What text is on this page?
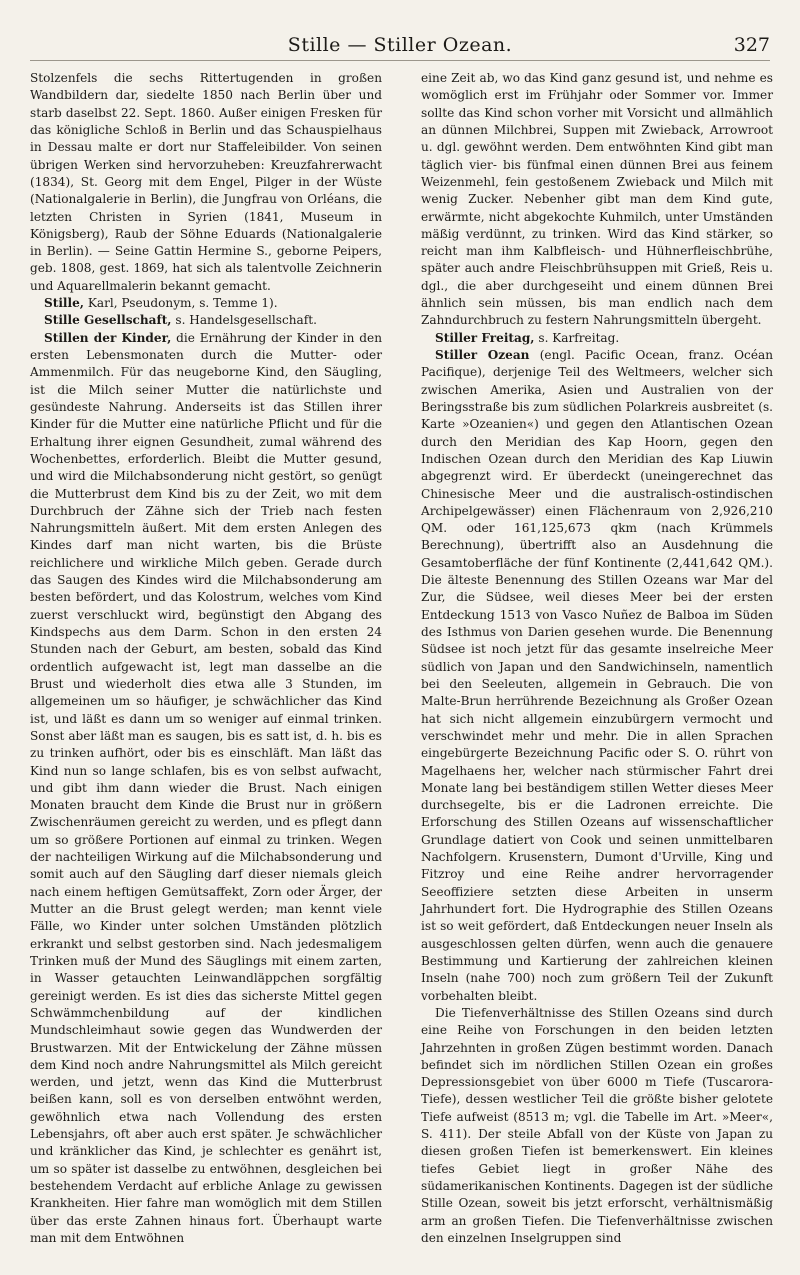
Stille — Stiller Ozean.	327

Stolzenfels die sechs Rittertugenden in großen Wandbildern dar, siedelte 1850 nach Berlin über und starb daselbst 22. Sept. 1860. Außer einigen Fresken für das königliche Schloß in Berlin und das Schauspielhaus in Dessau malte er dort nur Staffeleibilder. Von seinen übrigen Werken sind hervorzuheben: Kreuzfahrerwacht (1834), St. Georg mit dem Engel, Pilger in der Wüste (Nationalgalerie in Berlin), die Jungfrau von Orléans, die letzten Christen in Syrien (1841, Museum in Königsberg), Raub der Söhne Eduards (Nationalgalerie in Berlin). — Seine Gattin Hermine S., geborne Peipers, geb. 1808, gest. 1869, hat sich als talentvolle Zeichnerin und Aquarellmalerin bekannt gemacht.

Stille, Karl, Pseudonym, s. Temme 1).

Stille Gesellschaft, s. Handelsgesellschaft.

Stillen der Kinder, die Ernährung der Kinder in den ersten Lebensmonaten durch die Mutter- oder Ammenmilch. Für das neugeborne Kind, den Säugling, ist die Milch seiner Mutter die natürlichste und gesündeste Nahrung. Anderseits ist das Stillen ihrer Kinder für die Mutter eine natürliche Pflicht und für die Erhaltung ihrer eignen Gesundheit, zumal während des Wochenbettes, erforderlich. Bleibt die Mutter gesund, und wird die Milchabsonderung nicht gestört, so genügt die Mutterbrust dem Kind bis zu der Zeit, wo mit dem Durchbruch der Zähne sich der Trieb nach festen Nahrungsmitteln äußert. Mit dem ersten Anlegen des Kindes darf man nicht warten, bis die Brüste reichlichere und wirkliche Milch geben. Gerade durch das Saugen des Kindes wird die Milchabsonderung am besten befördert, und das Kolostrum, welches vom Kind zuerst verschluckt wird, begünstigt den Abgang des Kindspechs aus dem Darm. Schon in den ersten 24 Stunden nach der Geburt, am besten, sobald das Kind ordentlich aufgewacht ist, legt man dasselbe an die Brust und wiederholt dies etwa alle 3 Stunden, im allgemeinen um so häufiger, je schwächlicher das Kind ist, und läßt es dann um so weniger auf einmal trinken. Sonst aber läßt man es saugen, bis es satt ist, d. h. bis es zu trinken aufhört, oder bis es einschläft. Man läßt das Kind nun so lange schlafen, bis es von selbst aufwacht, und gibt ihm dann wieder die Brust. Nach einigen Monaten braucht dem Kinde die Brust nur in größern Zwischenräumen gereicht zu werden, und es pflegt dann um so größere Portionen auf einmal zu trinken. Wegen der nachteiligen Wirkung auf die Milchabsonderung und somit auch auf den Säugling darf dieser niemals gleich nach einem heftigen Gemütsaffekt, Zorn oder Ärger, der Mutter an die Brust gelegt werden; man kennt viele Fälle, wo Kinder unter solchen Umständen plötzlich erkrankt und selbst gestorben sind. Nach jedesmaligem Trinken muß der Mund des Säuglings mit einem zarten, in Wasser getauchten Leinwandläppchen sorgfältig gereinigt werden. Es ist dies das sicherste Mittel gegen Schwämmchenbildung auf der kindlichen Mundschleimhaut sowie gegen das Wundwerden der Brustwarzen. Mit der Entwickelung der Zähne müssen dem Kind noch andre Nahrungsmittel als Milch gereicht werden, und jetzt, wenn das Kind die Mutterbrust beißen kann, soll es von derselben entwöhnt werden, gewöhnlich etwa nach Vollendung des ersten Lebensjahrs, oft aber auch erst später. Je schwächlicher und kränklicher das Kind, je schlechter es genährt ist, um so später ist dasselbe zu entwöhnen, desgleichen bei bestehendem Verdacht auf erbliche Anlage zu gewissen Krankheiten. Hier fahre man womöglich mit dem Stillen über das erste Zahnen hinaus fort. Überhaupt warte man mit dem Entwöhnen

eine Zeit ab, wo das Kind ganz gesund ist, und nehme es womöglich erst im Frühjahr oder Sommer vor. Immer sollte das Kind schon vorher mit Vorsicht und allmählich an dünnen Milchbrei, Suppen mit Zwieback, Arrowroot u. dgl. gewöhnt werden. Dem entwöhnten Kind gibt man täglich vier- bis fünfmal einen dünnen Brei aus feinem Weizenmehl, fein gestoßenem Zwieback und Milch mit wenig Zucker. Nebenher gibt man dem Kind gute, erwärmte, nicht abgekochte Kuhmilch, unter Umständen mäßig verdünnt, zu trinken. Wird das Kind stärker, so reicht man ihm Kalbfleisch- und Hühnerfleischbrühe, später auch andre Fleischbrühsuppen mit Grieß, Reis u. dgl., die aber durchgeseiht und einem dünnen Brei ähnlich sein müssen, bis man endlich nach dem Zahndurchbruch zu festern Nahrungsmitteln übergeht.

Stiller Freitag, s. Karfreitag.

Stiller Ozean (engl. Pacific Ocean, franz. Océan Pacifique), derjenige Teil des Weltmeers, welcher sich zwischen Amerika, Asien und Australien von der Beringsstraße bis zum südlichen Polarkreis ausbreitet (s. Karte »Ozeanien«) und gegen den Atlantischen Ozean durch den Meridian des Kap Hoorn, gegen den Indischen Ozean durch den Meridian des Kap Liuwin abgegrenzt wird. Er überdeckt (uneingerechnet das Chinesische Meer und die australisch-ostindischen Archipelgewässer) einen Flächenraum von 2,926,210 QM. oder 161,125,673 qkm (nach Krümmels Berechnung), übertrifft also an Ausdehnung die Gesamtoberfläche der fünf Kontinente (2,441,642 QM.). Die älteste Benennung des Stillen Ozeans war Mar del Zur, die Südsee, weil dieses Meer bei der ersten Entdeckung 1513 von Vasco Nuñez de Balboa im Süden des Isthmus von Darien gesehen wurde. Die Benennung Südsee ist noch jetzt für das gesamte inselreiche Meer südlich von Japan und den Sandwichinseln, namentlich bei den Seeleuten, allgemein in Gebrauch. Die von Malte-Brun herrührende Bezeichnung als Großer Ozean hat sich nicht allgemein einzubürgern vermocht und verschwindet mehr und mehr. Die in allen Sprachen eingebürgerte Bezeichnung Pacific oder S. O. rührt von Magelhaens her, welcher nach stürmischer Fahrt drei Monate lang bei beständigem stillen Wetter dieses Meer durchsegelte, bis er die Ladronen erreichte. Die Erforschung des Stillen Ozeans auf wissenschaftlicher Grundlage datiert von Cook und seinen unmittelbaren Nachfolgern. Krusenstern, Dumont d'Urville, King und Fitzroy und eine Reihe andrer hervorragender Seeoffiziere setzten diese Arbeiten in unserm Jahrhundert fort. Die Hydrographie des Stillen Ozeans ist so weit gefördert, daß Entdeckungen neuer Inseln als ausgeschlossen gelten dürfen, wenn auch die genauere Bestimmung und Kartierung der zahlreichen kleinen Inseln (nahe 700) noch zum größern Teil der Zukunft vorbehalten bleibt.

Die Tiefenverhältnisse des Stillen Ozeans sind durch eine Reihe von Forschungen in den beiden letzten Jahrzehnten in großen Zügen bestimmt worden. Danach befindet sich im nördlichen Stillen Ozean ein großes Depressionsgebiet von über 6000 m Tiefe (Tuscarora-Tiefe), dessen westlicher Teil die größte bisher gelotete Tiefe aufweist (8513 m; vgl. die Tabelle im Art. »Meer«, S. 411). Der steile Abfall von der Küste von Japan zu diesen großen Tiefen ist bemerkenswert. Ein kleines tiefes Gebiet liegt in großer Nähe des südamerikanischen Kontinents. Dagegen ist der südliche Stille Ozean, soweit bis jetzt erforscht, verhältnismäßig arm an großen Tiefen. Die Tiefenverhältnisse zwischen den einzelnen Inselgruppen sind
